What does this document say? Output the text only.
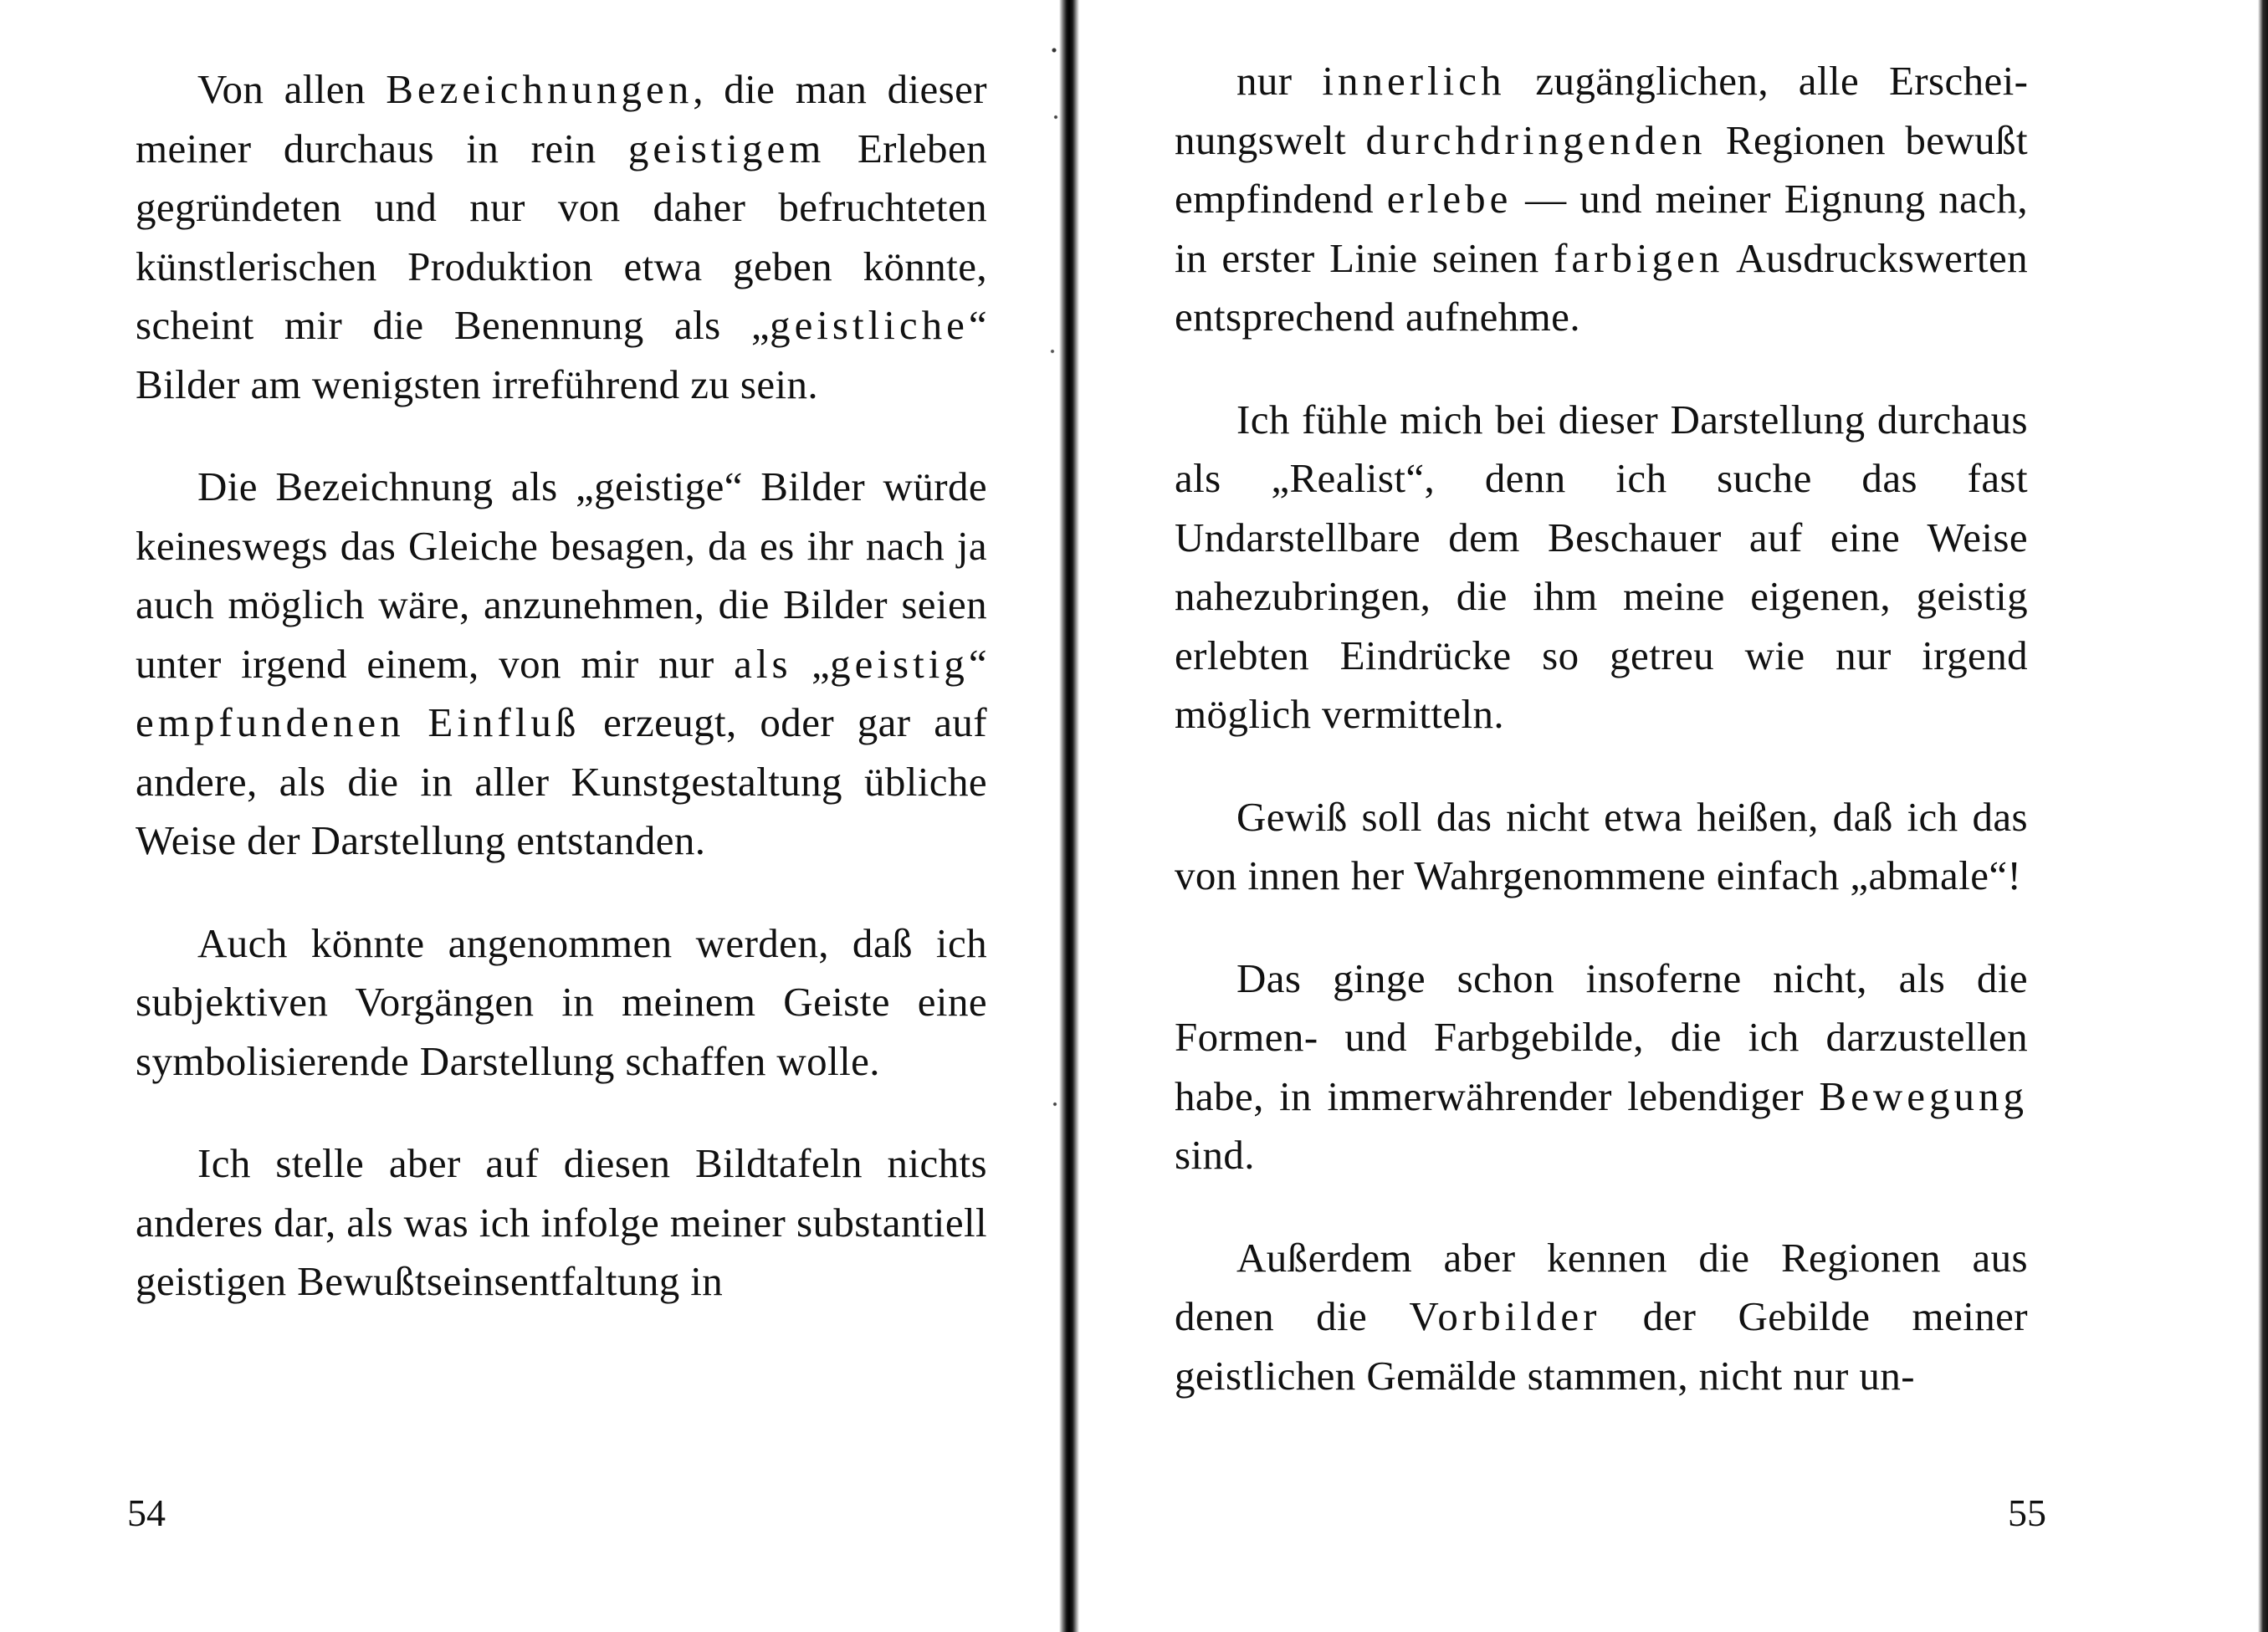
Von allen Bezeichnungen, die man dieser meiner durchaus in rein geistigem Erleben gegründeten und nur von daher befruchteten künstlerischen Produktion etwa geben könnte, scheint mir die Benennung als „geistliche“ Bilder am wenigsten irreführend zu sein.

Die Bezeichnung als „geistige“ Bilder würde keineswegs das Gleiche besagen, da es ihr nach ja auch möglich wäre, anzunehmen, die Bilder seien unter irgend einem, von mir nur als „geistig“ empfundenen Einfluß erzeugt, oder gar auf andere, als die in aller Kunstgestaltung übliche Weise der Darstellung entstanden.

Auch könnte angenommen werden, daß ich subjektiven Vorgängen in meinem Geiste eine symbolisierende Darstellung schaffen wolle.

Ich stelle aber auf diesen Bildtafeln nichts anderes dar, als was ich infolge meiner substantiell geistigen Bewußtseinsentfaltung in

54

nur innerlich zugänglichen, alle Erscheinungswelt durchdringenden Regionen bewußt empfindend erlebe — und meiner Eignung nach, in erster Linie seinen farbigen Ausdruckswerten entsprechend aufnehme.

Ich fühle mich bei dieser Darstellung durchaus als „Realist“, denn ich suche das fast Undarstellbare dem Beschauer auf eine Weise nahezubringen, die ihm meine eigenen, geistig erlebten Eindrücke so getreu wie nur irgend möglich vermitteln.

Gewiß soll das nicht etwa heißen, daß ich das von innen her Wahrgenommene einfach „abmale“!

Das ginge schon insoferne nicht, als die Formen- und Farbgebilde, die ich darzustellen habe, in immerwährender lebendiger Bewegung sind.

Außerdem aber kennen die Regionen aus denen die Vorbilder der Gebilde meiner geistlichen Gemälde stammen, nicht nur un-

55
